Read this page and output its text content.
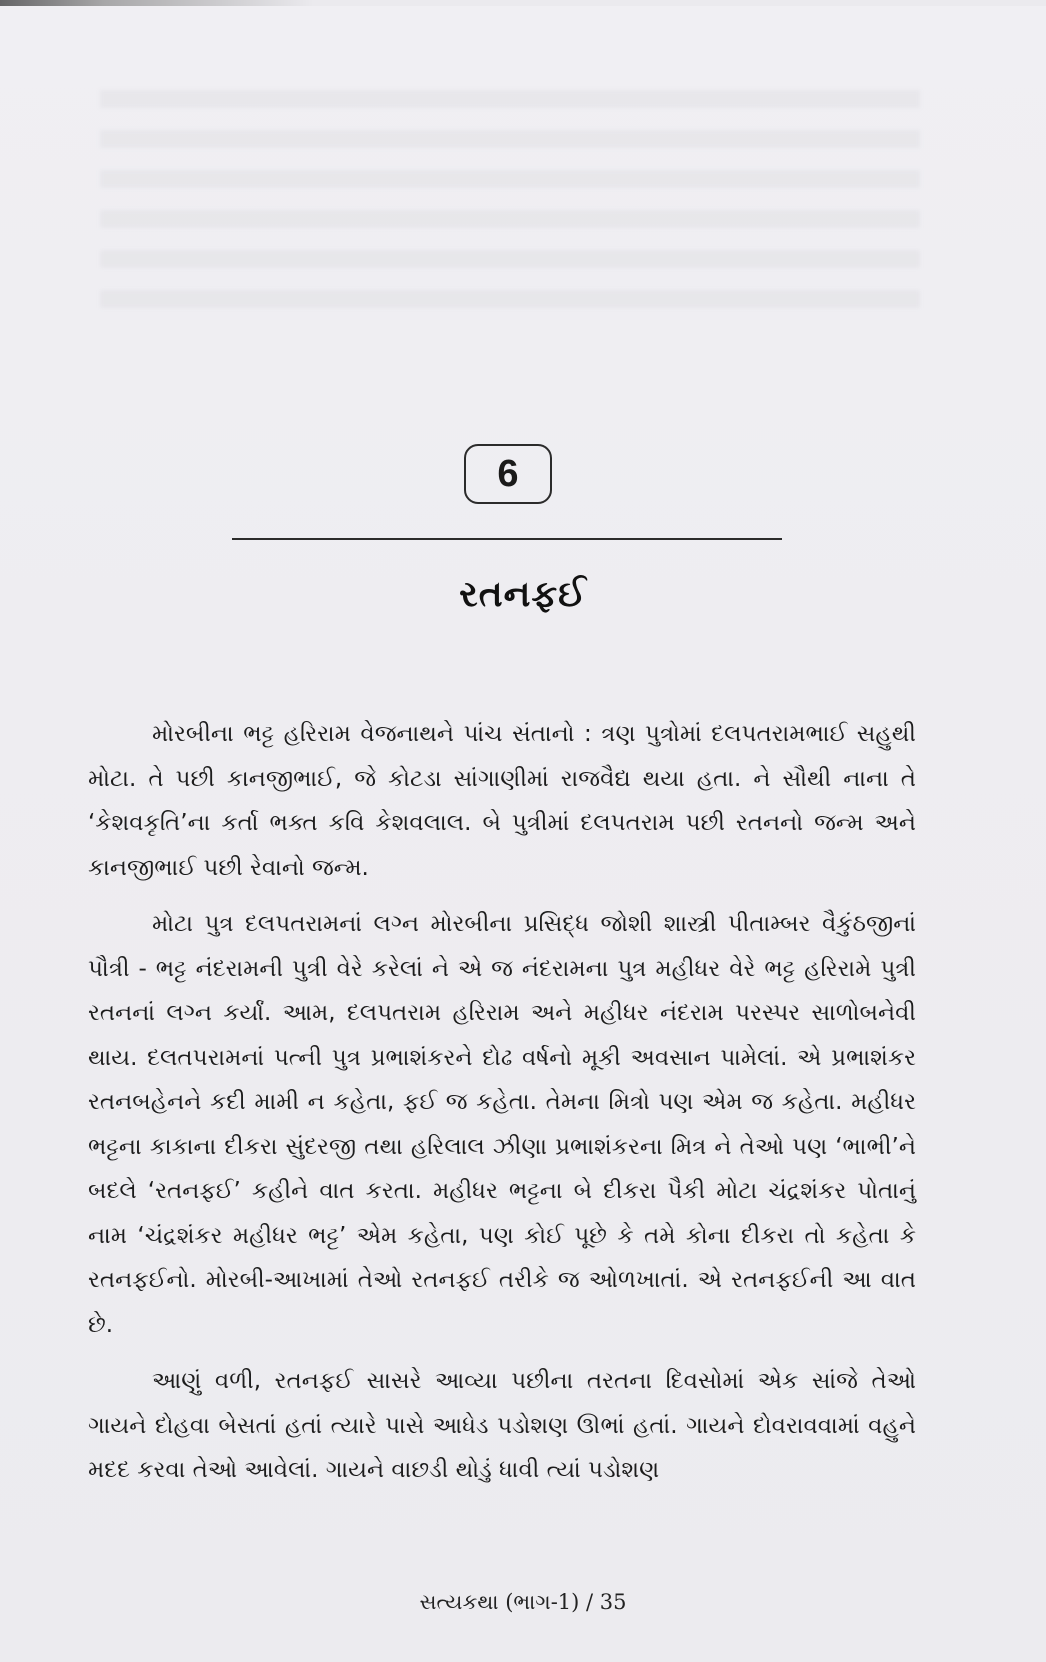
6
રતનફઈ

મોરબીના ભટ્ટ હરિરામ વેજનાથને પાંચ સંતાનો : ત્રણ પુત્રોમાં દલપતરામભાઈ સહુથી મોટા. તે પછી કાનજીભાઈ, જે કોટડા સાંગાણીમાં રાજવૈદ્ય થયા હતા. ને સૌથી નાના તે ‘કેશવકૃતિ’ના કર્તા ભક્ત કવિ કેશવલાલ. બે પુત્રીમાં દલપતરામ પછી રતનનો જન્મ અને કાનજીભાઈ પછી રેવાનો જન્મ.

મોટા પુત્ર દલપતરામનાં લગ્ન મોરબીના પ્રસિદ્ધ જોશી શાસ્ત્રી પીતામ્બર વૈકુંઠજીનાં પૌત્રી - ભટ્ટ નંદરામની પુત્રી વેરે કરેલાં ને એ જ નંદરામના પુત્ર મહીધર વેરે ભટ્ટ હરિરામે પુત્રી રતનનાં લગ્ન કર્યાં. આમ, દલપતરામ હરિરામ અને મહીધર નંદરામ પરસ્પર સાળોબનેવી થાય. દલતપરામનાં પત્ની પુત્ર પ્રભાશંકરને દોઢ વર્ષનો મૂકી અવસાન પામેલાં. એ પ્રભાશંકર રતનબહેનને કદી મામી ન કહેતા, ફઈ જ કહેતા. તેમના મિત્રો પણ એમ જ કહેતા. મહીધર ભટ્ટના કાકાના દીકરા સુંદરજી તથા હરિલાલ ઝીણા પ્રભાશંકરના મિત્ર ને તેઓ પણ ‘ભાભી’ને બદલે ‘રતનફઈ’ કહીને વાત કરતા. મહીધર ભટ્ટના બે દીકરા પૈકી મોટા ચંદ્રશંકર પોતાનું નામ ‘ચંદ્રશંકર મહીધર ભટ્ટ’ એમ કહેતા, પણ કોઈ પૂછે કે તમે કોના દીકરા તો કહેતા કે રતનફઈનો. મોરબી-આખામાં તેઓ રતનફઈ તરીકે જ ઓળખાતાં. એ રતનફઈની આ વાત છે.

આણું વળી, રતનફઈ સાસરે આવ્યા પછીના તરતના દિવસોમાં એક સાંજે તેઓ ગાયને દોહવા બેસતાં હતાં ત્યારે પાસે આધેડ પડોશણ ઊભાં હતાં. ગાયને દોવરાવવામાં વહુને મદદ કરવા તેઓ આવેલાં. ગાયને વાછડી થોડું ધાવી ત્યાં પડોશણ

સત્યકથા (ભાગ-1) / 35
